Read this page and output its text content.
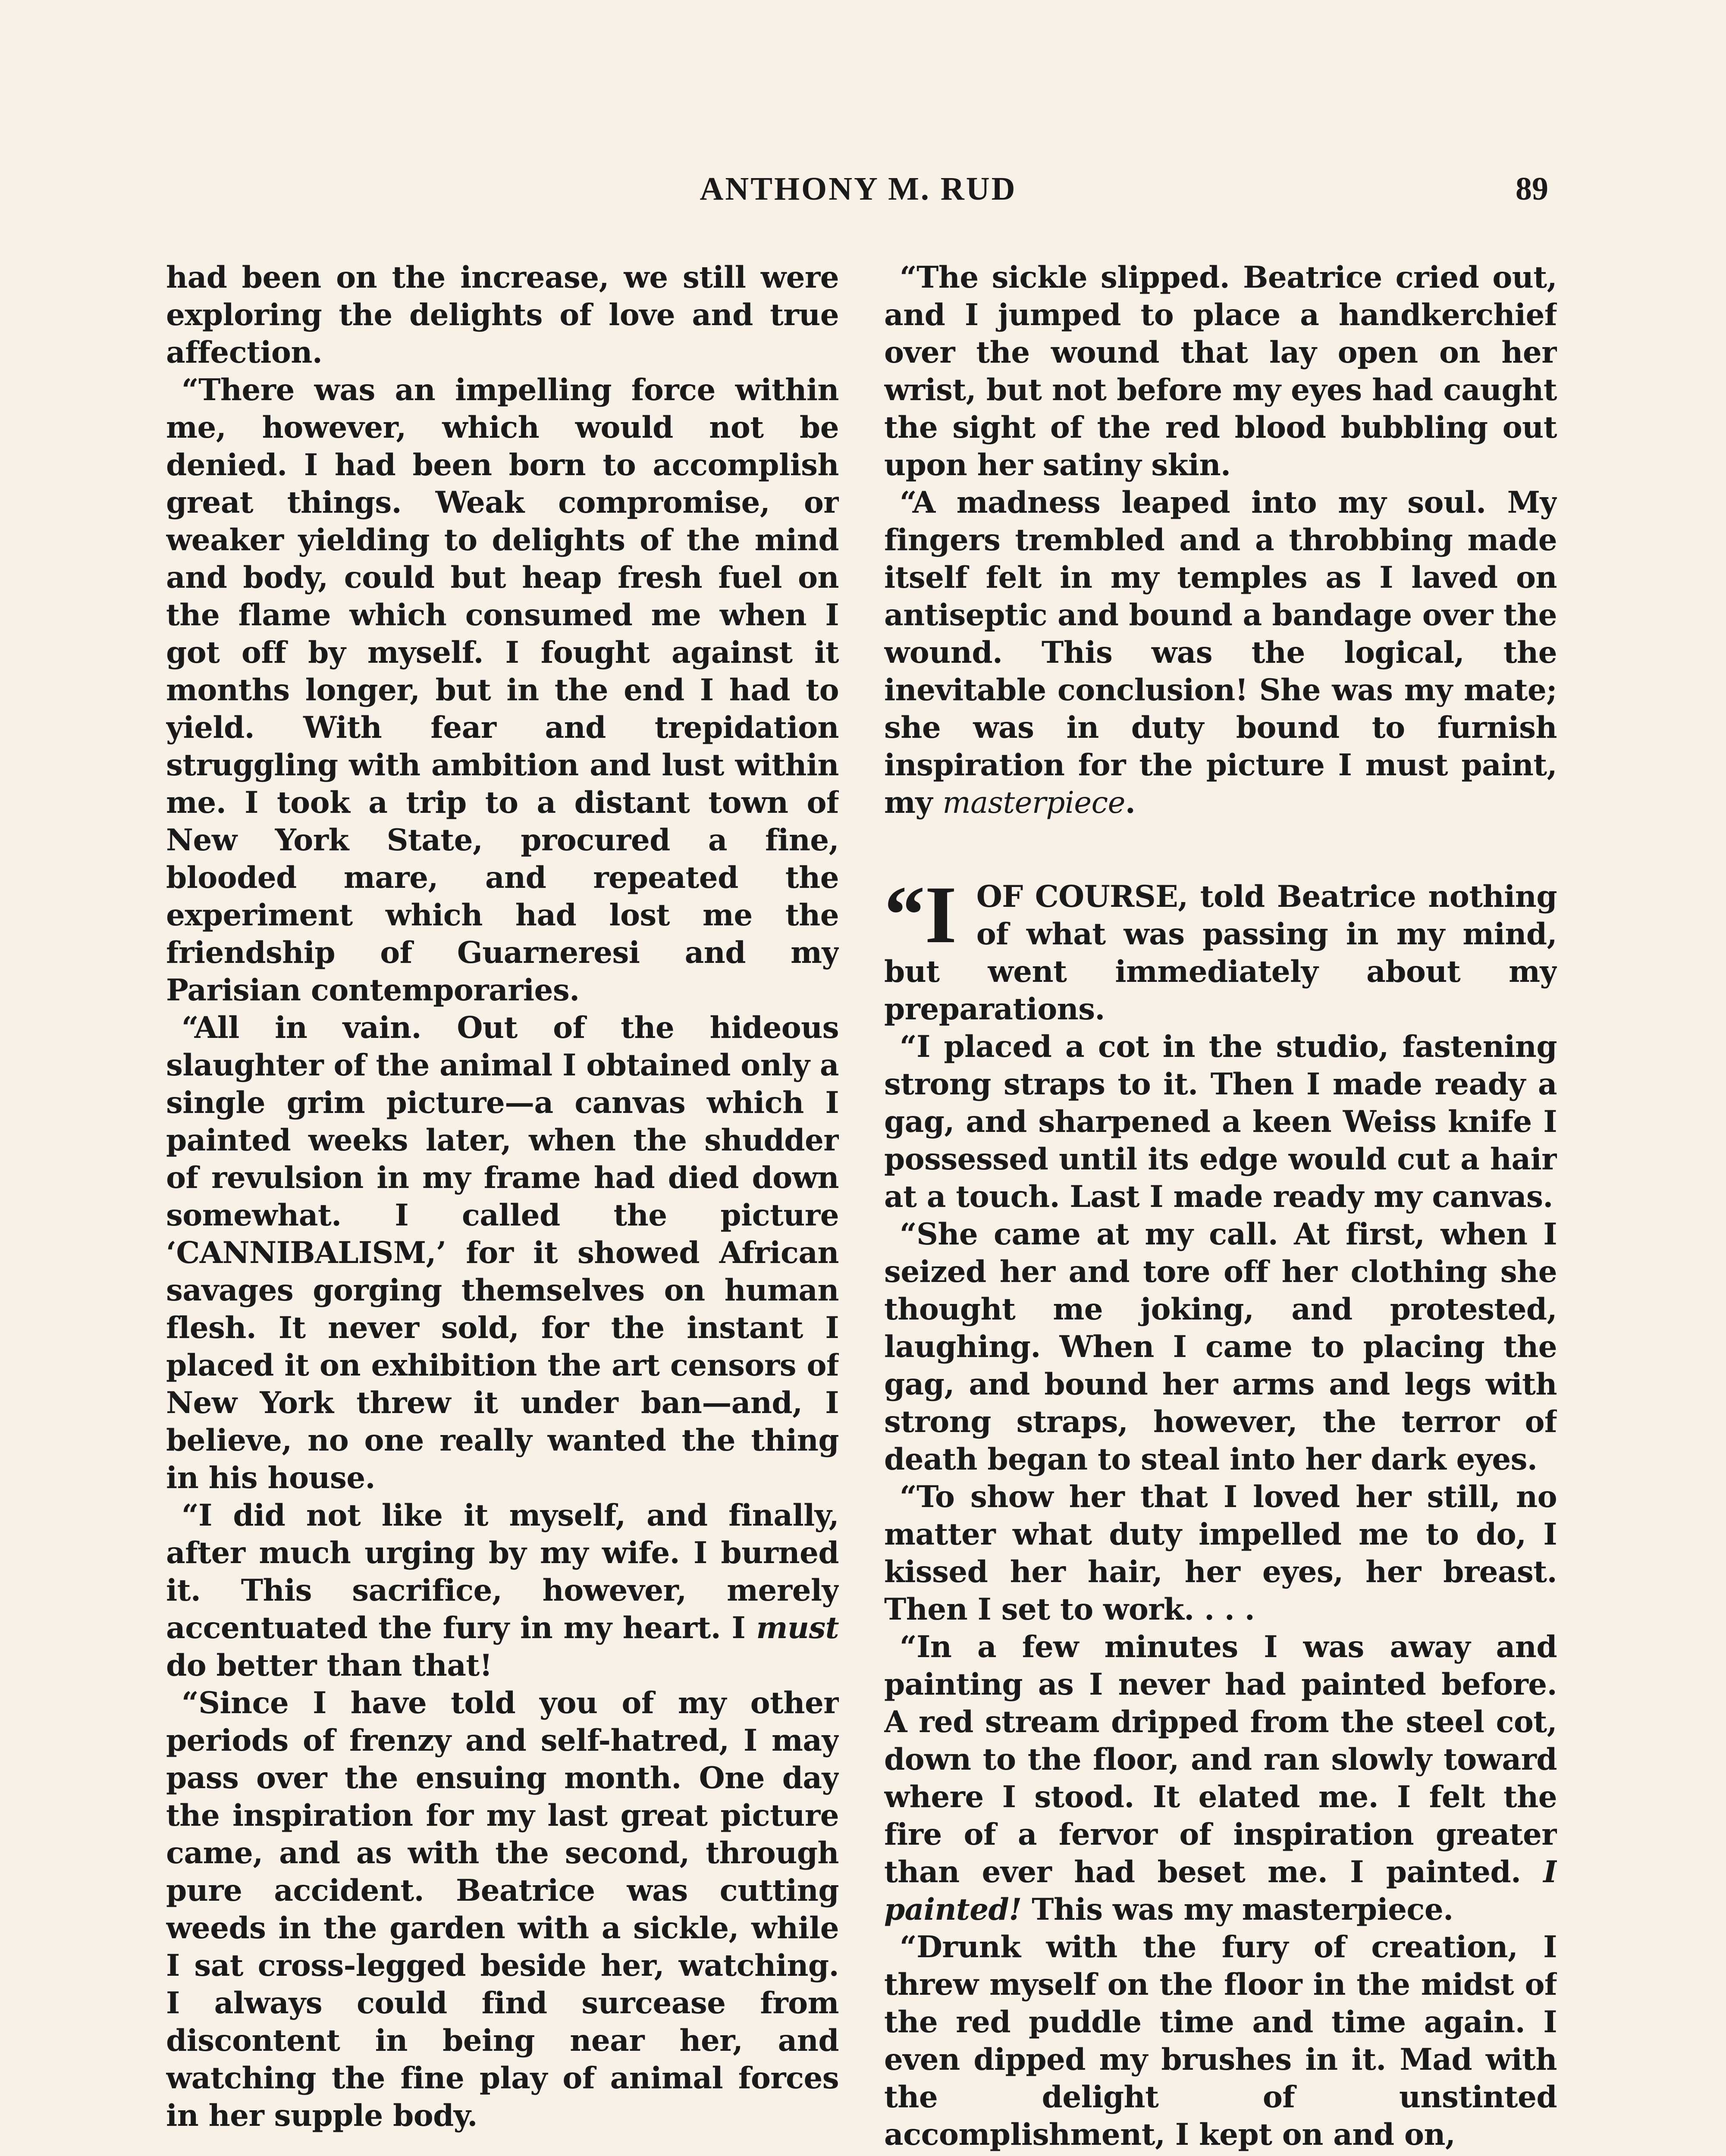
ANTHONY M. RUD	89

had been on the increase, we still were exploring the delights of love and true affection.

“There was an impelling force within me, however, which would not be denied. I had been born to accomplish great things. Weak compromise, or weaker yielding to delights of the mind and body, could but heap fresh fuel on the flame which consumed me when I got off by myself. I fought against it months longer, but in the end I had to yield. With fear and trepidation struggling with ambition and lust within me. I took a trip to a distant town of New York State, procured a fine, blooded mare, and repeated the experiment which had lost me the friendship of Guarneresi and my Parisian contemporaries.

“All in vain. Out of the hideous slaughter of the animal I obtained only a single grim picture—a canvas which I painted weeks later, when the shudder of revulsion in my frame had died down somewhat. I called the picture ‘CANNIBALISM,’ for it showed African savages gorging themselves on human flesh. It never sold, for the instant I placed it on exhibition the art censors of New York threw it under ban—and, I believe, no one really wanted the thing in his house.

“I did not like it myself, and finally, after much urging by my wife. I burned it. This sacrifice, however, merely accentuated the fury in my heart. I must do better than that!

“Since I have told you of my other periods of frenzy and self-hatred, I may pass over the ensuing month. One day the inspiration for my last great picture came, and as with the second, through pure accident. Beatrice was cutting weeds in the garden with a sickle, while I sat cross-legged beside her, watching. I always could find surcease from discontent in being near her, and watching the fine play of animal forces in her supple body.

“The sickle slipped. Beatrice cried out, and I jumped to place a handkerchief over the wound that lay open on her wrist, but not before my eyes had caught the sight of the red blood bubbling out upon her satiny skin.

“A madness leaped into my soul. My fingers trembled and a throbbing made itself felt in my temples as I laved on antiseptic and bound a bandage over the wound. This was the logical, the inevitable conclusion! She was my mate; she was in duty bound to furnish inspiration for the picture I must paint, my masterpiece.

“IOF COURSE, told Beatrice nothing of what was passing in my mind, but went immediately about my preparations.

“I placed a cot in the studio, fastening strong straps to it. Then I made ready a gag, and sharpened a keen Weiss knife I possessed until its edge would cut a hair at a touch. Last I made ready my canvas.

“She came at my call. At first, when I seized her and tore off her clothing she thought me joking, and protested, laughing. When I came to placing the gag, and bound her arms and legs with strong straps, however, the terror of death began to steal into her dark eyes.

“To show her that I loved her still, no matter what duty impelled me to do, I kissed her hair, her eyes, her breast. Then I set to work. . . .

“In a few minutes I was away and painting as I never had painted before. A red stream dripped from the steel cot, down to the floor, and ran slowly toward where I stood. It elated me. I felt the fire of a fervor of inspiration greater than ever had beset me. I painted. I painted! This was my masterpiece.

“Drunk with the fury of creation, I threw myself on the floor in the midst of the red puddle time and time again. I even dipped my brushes in it. Mad with the delight of unstinted accomplishment, I kept on and on,
